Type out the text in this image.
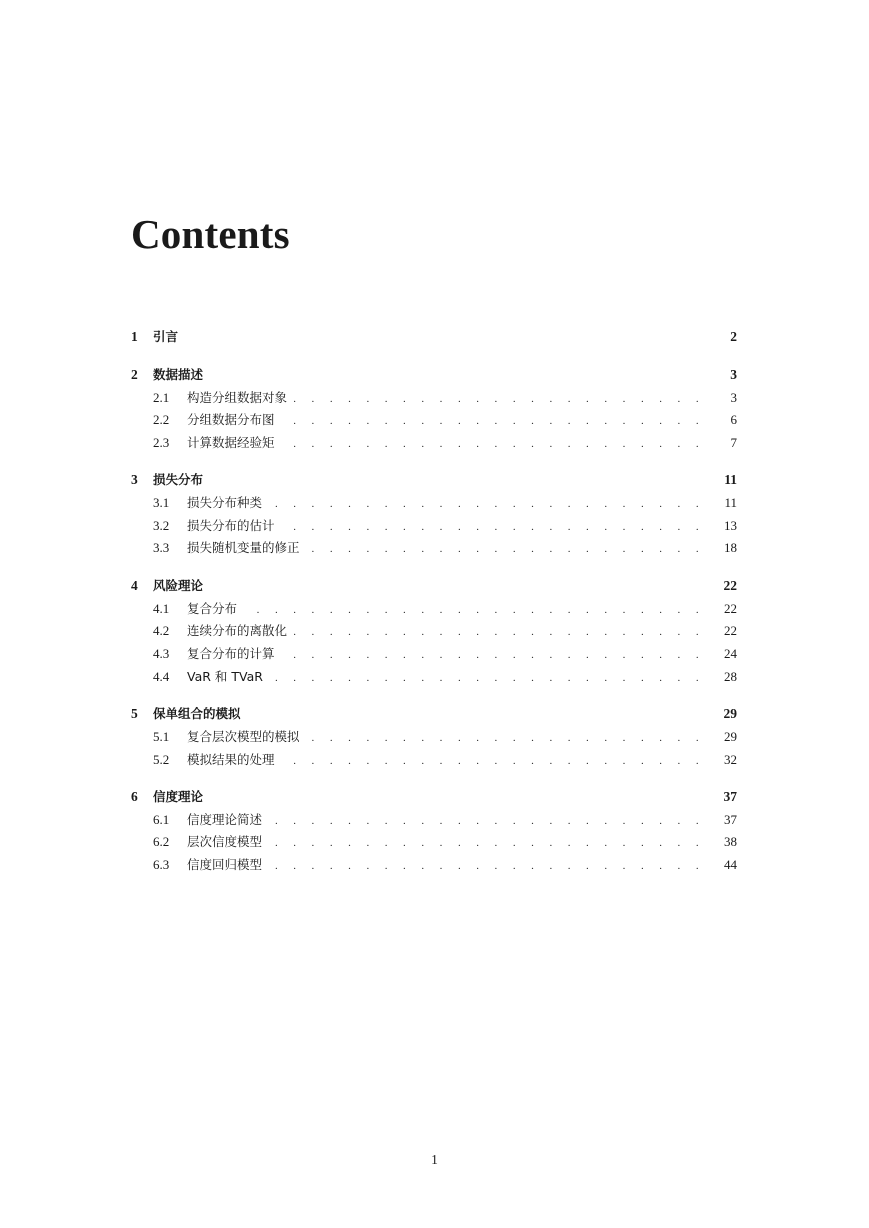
Contents
1	引言	2
2	数据描述	3
2.1	构造分组数据对象 . . .	3
2.2	分组数据分布图 . . .	6
2.3	计算数据经验矩 . . .	7
3	损失分布	11
3.1	损失分布种类 . . .	11
3.2	损失分布的估计 . . .	13
3.3	损失随机变量的修正 . . .	18
4	风险理论	22
4.1	复合分布 . . .	22
4.2	连续分布的离散化 . . .	22
4.3	复合分布的计算 . . .	24
4.4	VaR 和 TVaR . . .	28
5	保单组合的模拟	29
5.1	复合层次模型的模拟 . . .	29
5.2	模拟结果的处理 . . .	32
6	信度理论	37
6.1	信度理论简述 . . .	37
6.2	层次信度模型 . . .	38
6.3	信度回归模型 . . .	44
1
